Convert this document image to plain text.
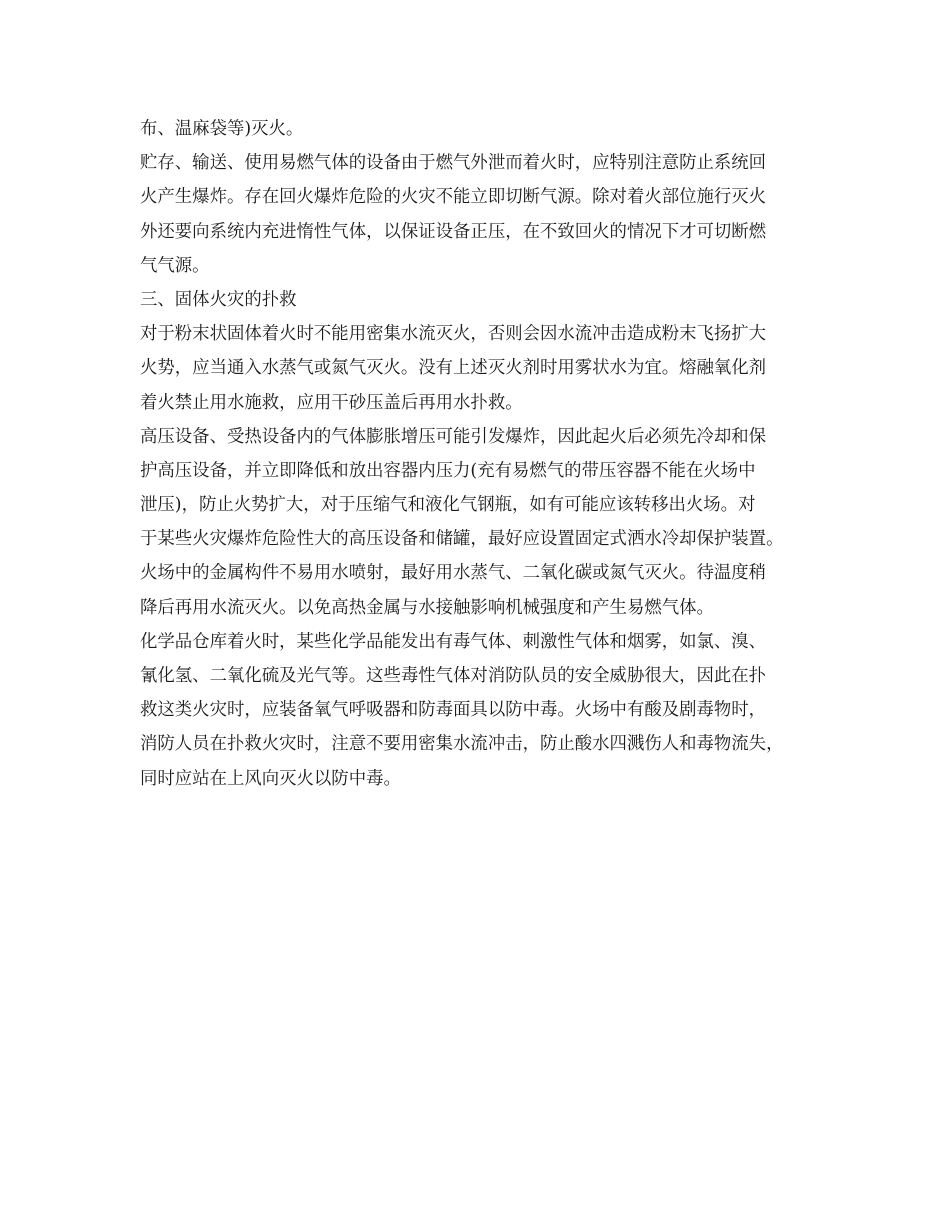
布、温麻袋等)灭火。

贮存、输送、使用易燃气体的设备由于燃气外泄而着火时，应特别注意防止系统回

火产生爆炸。存在回火爆炸危险的火灾不能立即切断气源。除对着火部位施行灭火

外还要向系统内充进惰性气体，以保证设备正压，在不致回火的情况下才可切断燃

气气源。

三、固体火灾的扑救

对于粉末状固体着火时不能用密集水流灭火，否则会因水流冲击造成粉末飞扬扩大

火势，应当通入水蒸气或氮气灭火。没有上述灭火剂时用雾状水为宜。熔融氧化剂

着火禁止用水施救，应用干砂压盖后再用水扑救。

高压设备、受热设备内的气体膨胀增压可能引发爆炸，因此起火后必须先冷却和保

护高压设备，并立即降低和放出容器内压力(充有易燃气的带压容器不能在火场中

泄压)，防止火势扩大，对于压缩气和液化气钢瓶，如有可能应该转移出火场。对

于某些火灾爆炸危险性大的高压设备和储罐，最好应设置固定式洒水冷却保护装置。

火场中的金属构件不易用水喷射，最好用水蒸气、二氧化碳或氮气灭火。待温度稍

降后再用水流灭火。以免高热金属与水接触影响机械强度和产生易燃气体。

化学品仓库着火时，某些化学品能发出有毒气体、刺激性气体和烟雾，如氯、溴、

氰化氢、二氧化硫及光气等。这些毒性气体对消防队员的安全威胁很大，因此在扑

救这类火灾时，应装备氧气呼吸器和防毒面具以防中毒。火场中有酸及剧毒物时，

消防人员在扑救火灾时，注意不要用密集水流冲击，防止酸水四溅伤人和毒物流失，

同时应站在上风向灭火以防中毒。
